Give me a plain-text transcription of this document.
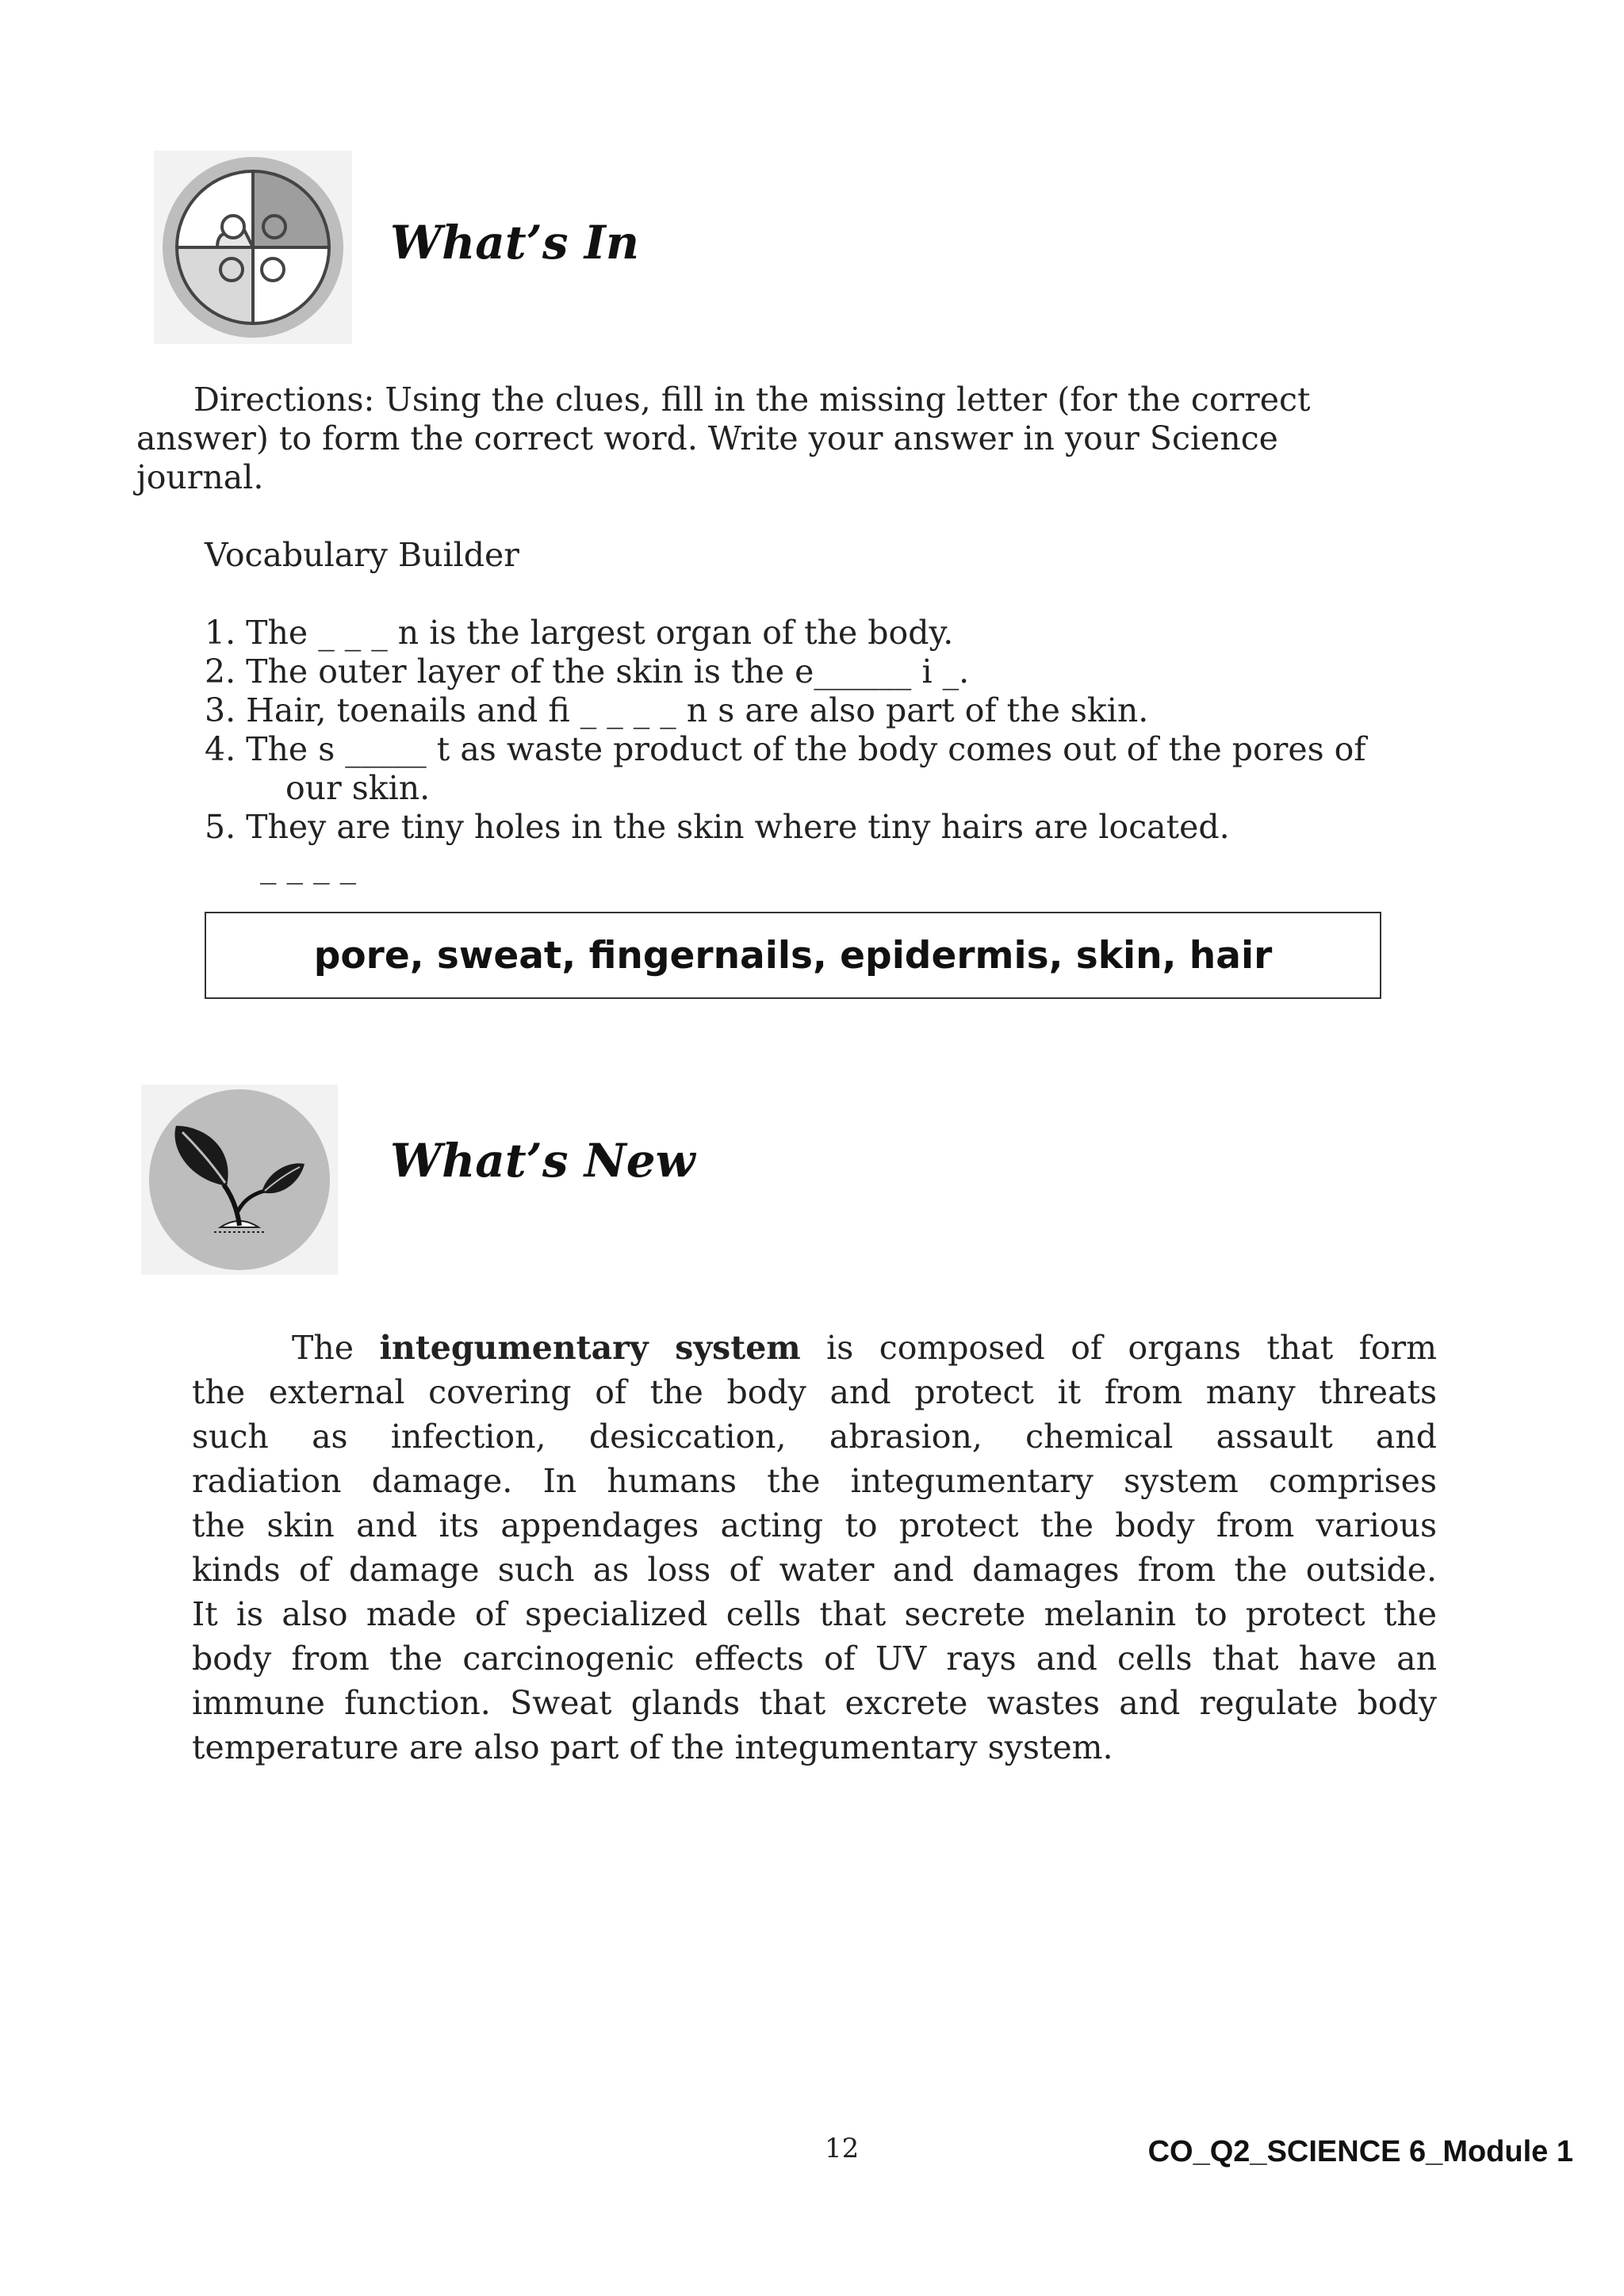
What’s In
Directions: Using the clues, fill in the missing letter (for the correct
answer) to form the correct word. Write your answer in your Science
journal.
Vocabulary Builder
1. The _ _ _ n is the largest organ of the body.
2. The outer layer of the skin is the e______ i _.
3. Hair, toenails and fi _ _ _ _ n s are also part of the skin.
4. The s _____ t as waste product of the body comes out of the pores of
our skin.
5. They are tiny holes in the skin where tiny hairs are located.
_ _ _ _
pore, sweat, fingernails, epidermis, skin, hair
What’s New
The integumentary system is composed of organs that form
the external covering of the body and protect it from many threats
such as infection, desiccation, abrasion, chemical assault and
radiation damage. In humans the integumentary system comprises
the skin and its appendages acting to protect the body from various
kinds of damage such as loss of water and damages from the outside.
It is also made of specialized cells that secrete melanin to protect the
body from the carcinogenic effects of UV rays and cells that have an
immune function. Sweat glands that excrete wastes and regulate body
temperature are also part of the integumentary system.
12	CO_Q2_SCIENCE 6_Module 1
